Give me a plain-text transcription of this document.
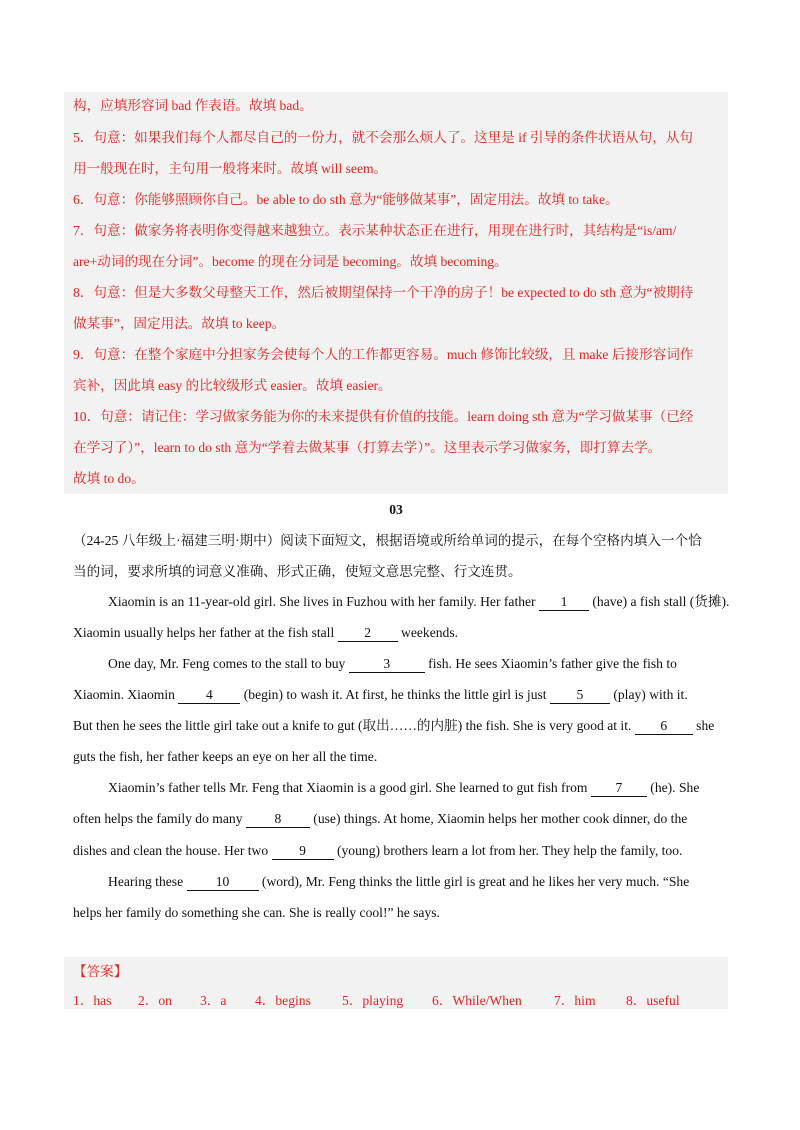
构，应填形容词 bad 作表语。故填 bad。
5．句意：如果我们每个人都尽自己的一份力，就不会那么烦人了。这里是 if 引导的条件状语从句，从句
用一般现在时，主句用一般将来时。故填 will seem。
6．句意：你能够照顾你自己。be able to do sth 意为“能够做某事”，固定用法。故填 to take。
7．句意：做家务将表明你变得越来越独立。表示某种状态正在进行，用现在进行时，其结构是“is/am/
are+动词的现在分词”。become 的现在分词是 becoming。故填 becoming。
8．句意：但是大多数父母整天工作，然后被期望保持一个干净的房子！be expected to do sth 意为“被期待
做某事”，固定用法。故填 to keep。
9．句意：在整个家庭中分担家务会使每个人的工作都更容易。much 修饰比较级，且 make 后接形容词作
宾补，因此填 easy 的比较级形式 easier。故填 easier。
10．句意：请记住：学习做家务能为你的未来提供有价值的技能。learn doing sth 意为“学习做某事（已经
在学习了）”，learn to do sth 意为“学着去做某事（打算去学）”。这里表示学习做家务，即打算去学。
故填 to do。
03
（24-25 八年级上·福建三明·期中）阅读下面短文，根据语境或所给单词的提示，在每个空格内填入一个恰
当的词，要求所填的词意义准确、形式正确，使短文意思完整、行文连贯。
Xiaomin is an 11-year-old girl. She lives in Fuzhou with her family. Her father 1 (have) a fish stall (货摊).
Xiaomin usually helps her father at the fish stall 2 weekends.
One day, Mr. Feng comes to the stall to buy	3	fish. He sees Xiaomin’s father give the fish to
Xiaomin. Xiaomin 4 (begin) to wash it. At first, he thinks the little girl is just 5 (play) with it.
But then he sees the little girl take out a knife to gut (取出……的内脏) the fish. She is very good at it. 6 she
guts the fish, her father keeps an eye on her all the time.
Xiaomin’s father tells Mr. Feng that Xiaomin is a good girl. She learned to gut fish from 7 (he). She
often helps the family do many 8 (use) things. At home, Xiaomin helps her mother cook dinner, do the
dishes and clean the house. Her two 9 (young) brothers learn a lot from her. They help the family, too.
Hearing these 10 (word), Mr. Feng thinks the little girl is great and he likes her very much. “She
helps her family do something she can. She is really cool!” he says.
【答案】
1．has	2．on	3．a	4．begins	5．playing	6．While/When	7．him	8．useful
